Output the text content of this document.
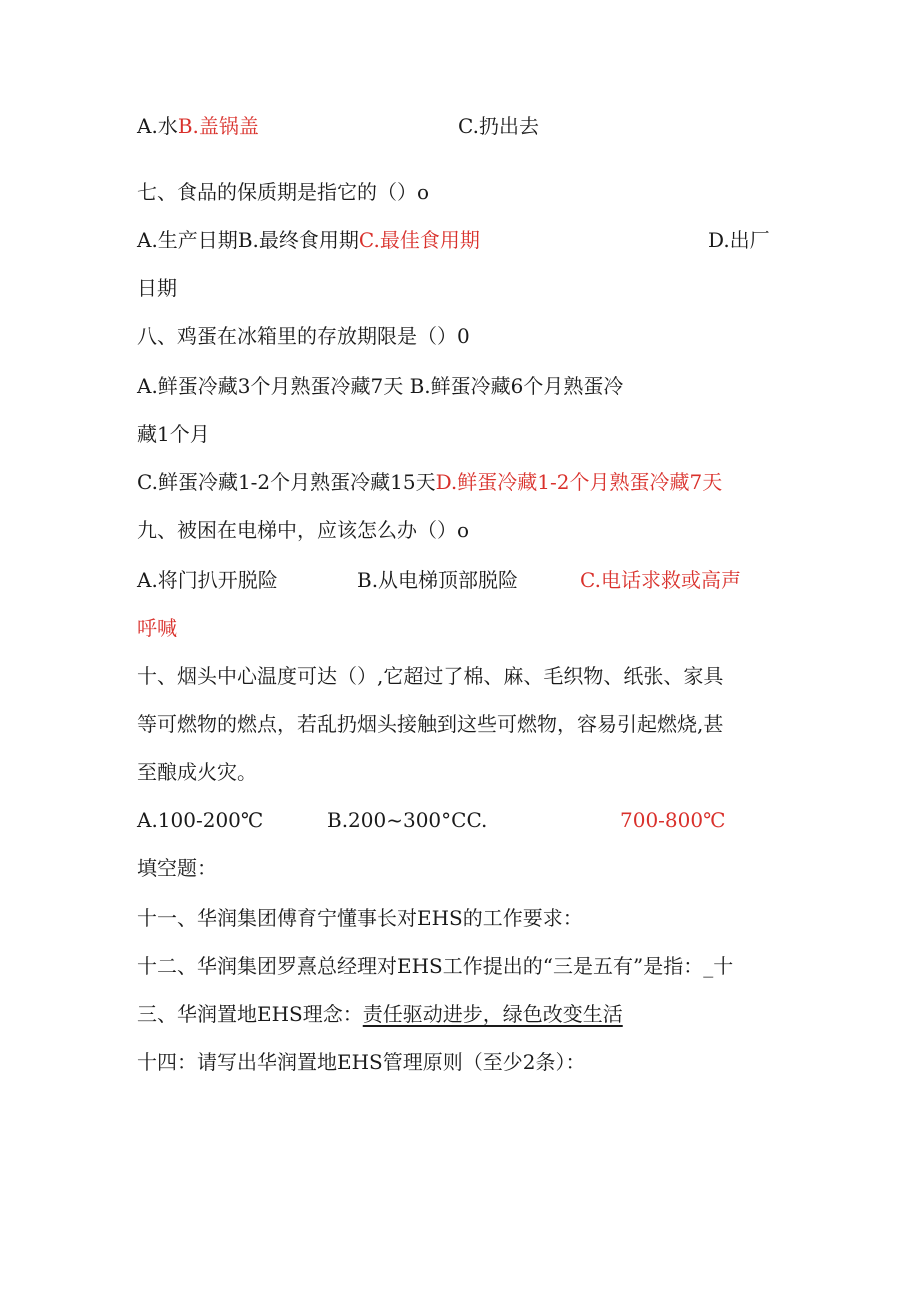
A.水B.盖锅盖	C.扔出去
七、食品的保质期是指它的（）o
A.生产日期B.最终食用期C.最佳食用期	D.出厂
日期
八、鸡蛋在冰箱里的存放期限是（）0
A.鲜蛋冷藏3个月熟蛋冷藏7天 B.鲜蛋冷藏6个月熟蛋冷
藏1个月
C.鲜蛋冷藏1-2个月熟蛋冷藏15天D.鲜蛋冷藏1-2个月熟蛋冷藏7天
九、被困在电梯中，应该怎么办（）o
A.将门扒开脱险	B.从电梯顶部脱险	C.电话求救或高声
呼喊
十、烟头中心温度可达（）,它超过了棉、麻、毛织物、纸张、家具
等可燃物的燃点，若乱扔烟头接触到这些可燃物，容易引起燃烧,甚
至酿成火灾。
A.100-200℃	B.200~300°CC.	700-800℃
填空题：
十一、华润集团傅育宁懂事长对EHS的工作要求：
十二、华润集团罗熹总经理对EHS工作提出的“三是五有”是指：_十
三、华润置地EHS理念：责任驱动进步，绿色改变生活
十四：请写出华润置地EHS管理原则（至少2条）：
